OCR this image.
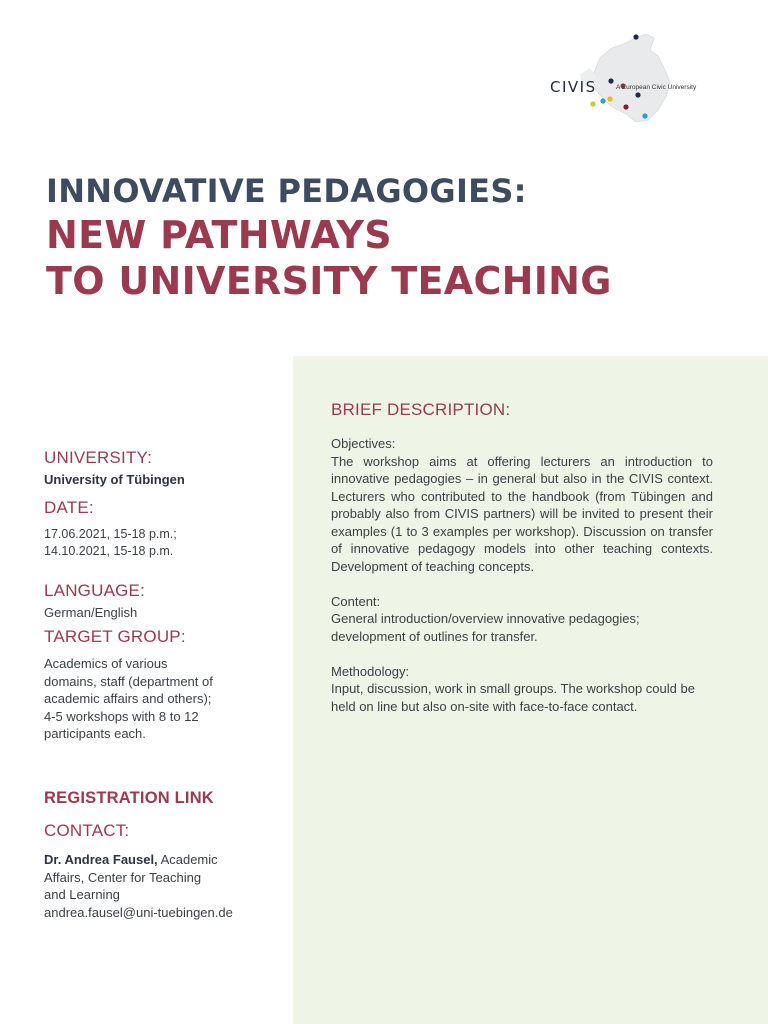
CIVIS	A European Civic University
INNOVATIVE PEDAGOGIES:
NEW PATHWAYS
TO UNIVERSITY TEACHING
UNIVERSITY:
University of Tübingen
DATE:
17.06.2021, 15-18 p.m.;
14.10.2021, 15-18 p.m.
LANGUAGE:
German/English
TARGET GROUP:
Academics of various
domains, staff (department of
academic affairs and others);
4-5 workshops with 8 to 12
participants each.
REGISTRATION LINK
CONTACT:
Dr. Andrea Fausel, Academic
Affairs, Center for Teaching
and Learning
andrea.fausel@uni-tuebingen.de
BRIEF DESCRIPTION:
Objectives:

The workshop aims at offering lecturers an introduction to innovative pedagogies – in general but also in the CIVIS context. Lecturers who contributed to the handbook (from Tübingen and probably also from CIVIS partners) will be invited to present their examples (1 to 3 examples per workshop). Discussion on transfer of innovative pedagogy models into other teaching contexts. Development of teaching concepts.

Content:

General introduction/overview innovative pedagogies; development of outlines for transfer.

Methodology:

Input, discussion, work in small groups. The workshop could be held on line but also on-site with face-to-face contact.
